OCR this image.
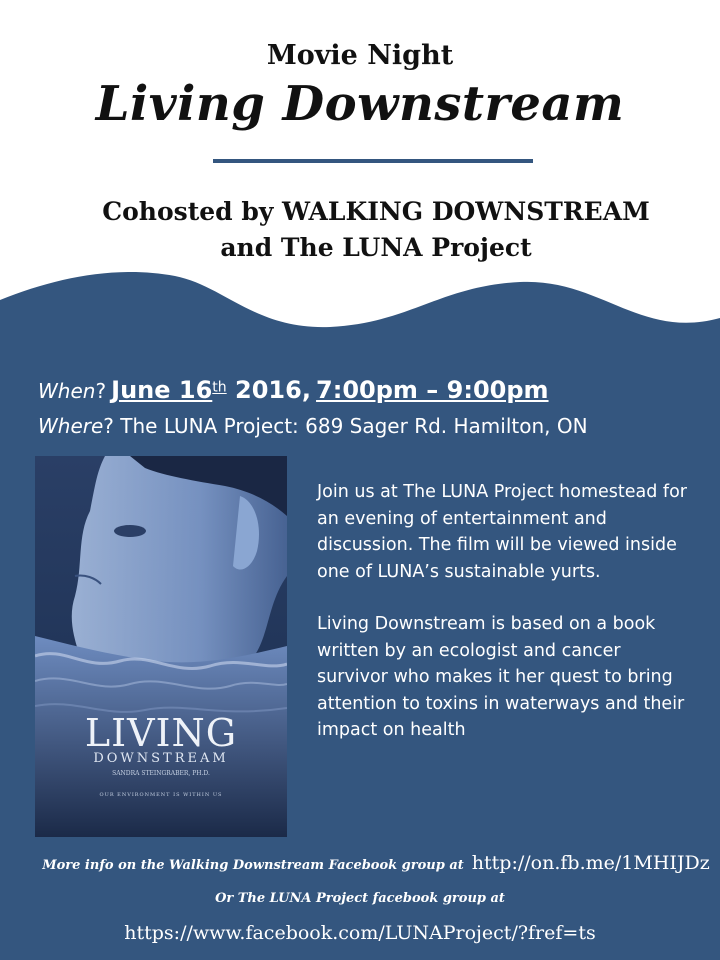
Movie Night
Living Downstream
Cohosted by WALKING DOWNSTREAM
and The LUNA Project
When? June 16th 2016, 7:00pm – 9:00pm
Where? The LUNA Project: 689 Sager Rd. Hamilton, ON
LIVING
DOWNSTREAM
SANDRA STEINGRABER, PH.D.
OUR ENVIRONMENT IS WITHIN US

Join us at The LUNA Project homestead for an evening of entertainment and discussion. The film will be viewed inside one of LUNA’s sustainable yurts.

Living Downstream is based on a book written by an ecologist and cancer survivor who makes it her quest to bring attention to toxins in waterways and their impact on health

More info on the Walking Downstream Facebook group at http://on.fb.me/1MHIJDz
Or The LUNA Project facebook group at
https://www.facebook.com/LUNAProject/?fref=ts
